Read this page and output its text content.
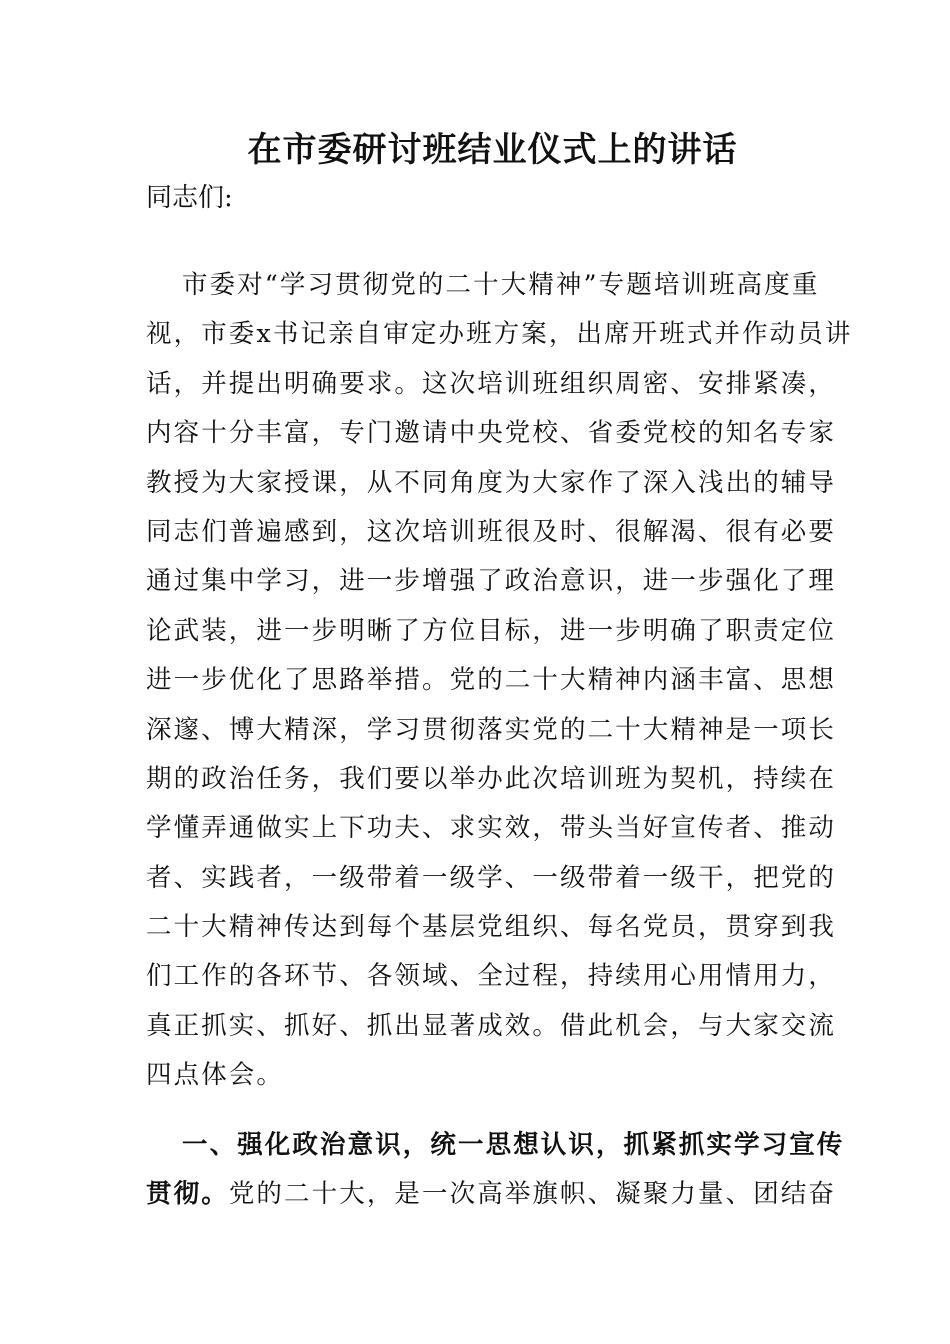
在市委研讨班结业仪式上的讲话

同志们:

市委对“学习贯彻党的二十大精神”专题培训班高度重
视，市委x书记亲自审定办班方案，出席开班式并作动员讲
话，并提出明确要求。这次培训班组织周密、安排紧凑，
内容十分丰富，专门邀请中央党校、省委党校的知名专家
教授为大家授课，从不同角度为大家作了深入浅出的辅导
同志们普遍感到，这次培训班很及时、很解渴、很有必要
通过集中学习，进一步增强了政治意识，进一步强化了理
论武装，进一步明晰了方位目标，进一步明确了职责定位
进一步优化了思路举措。党的二十大精神内涵丰富、思想
深邃、博大精深，学习贯彻落实党的二十大精神是一项长
期的政治任务，我们要以举办此次培训班为契机，持续在
学懂弄通做实上下功夫、求实效，带头当好宣传者、推动
者、实践者，一级带着一级学、一级带着一级干，把党的
二十大精神传达到每个基层党组织、每名党员，贯穿到我
们工作的各环节、各领域、全过程，持续用心用情用力，
真正抓实、抓好、抓出显著成效。借此机会，与大家交流
四点体会。
一、强化政治意识，统一思想认识，抓紧抓实学习宣传
贯彻。党的二十大，是一次高举旗帜、凝聚力量、团结奋
